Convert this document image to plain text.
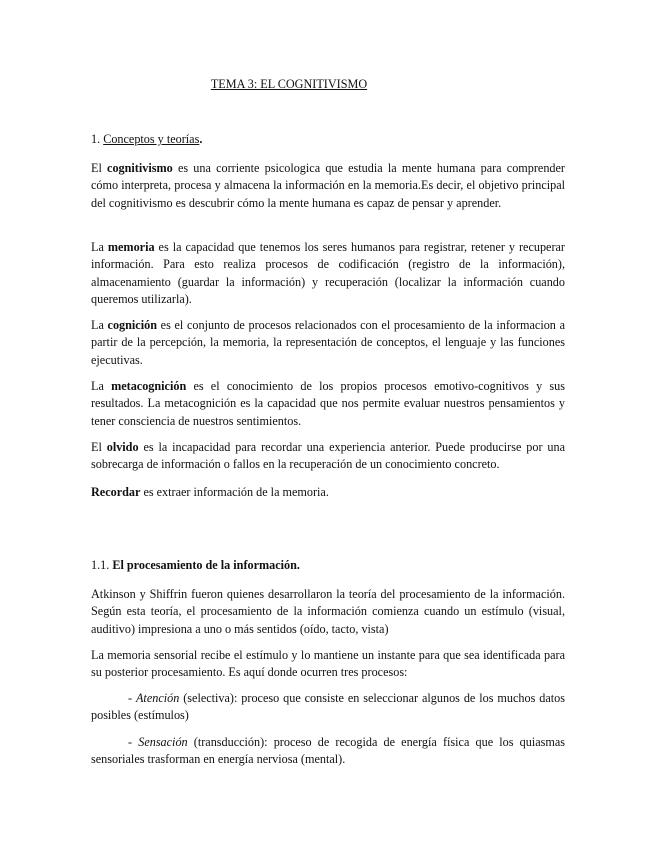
TEMA 3: EL COGNITIVISMO

1. Conceptos y teorías.

El cognitivismo es una corriente psicologica que estudia la mente humana para comprender cómo interpreta, procesa y almacena la información en la memoria.Es decir, el objetivo principal del cognitivismo es descubrir cómo la mente humana es capaz de pensar y aprender.

La memoria es la capacidad que tenemos los seres humanos para registrar, retener y recuperar información. Para esto realiza procesos de codificación (registro de la información), almacenamiento (guardar la información) y recuperación (localizar la información cuando queremos utilizarla).

La cognición es el conjunto de procesos relacionados con el procesamiento de la informacion a partir de la percepción, la memoria, la representación de conceptos, el lenguaje y las funciones ejecutivas.

La metacognición es el conocimiento de los propios procesos emotivo-cognitivos y sus resultados. La metacognición es la capacidad que nos permite evaluar nuestros pensamientos y tener consciencia de nuestros sentimientos.

El olvido es la incapacidad para recordar una experiencia anterior. Puede producirse por una sobrecarga de información o fallos en la recuperación de un conocimiento concreto.

Recordar es extraer información de la memoria.

1.1. El procesamiento de la información.

Atkinson y Shiffrin fueron quienes desarrollaron la teoría del procesamiento de la información. Según esta teoría, el procesamiento de la información comienza cuando un estímulo (visual, auditivo) impresiona a uno o más sentidos (oído, tacto, vista)

La memoria sensorial recibe el estímulo y lo mantiene un instante para que sea identificada para su posterior procesamiento. Es aquí donde ocurren tres procesos:

- Atención (selectiva): proceso que consiste en seleccionar algunos de los muchos datos posibles (estímulos)

- Sensación (transducción): proceso de recogida de energía física que los quiasmas sensoriales trasforman en energía nerviosa (mental).
